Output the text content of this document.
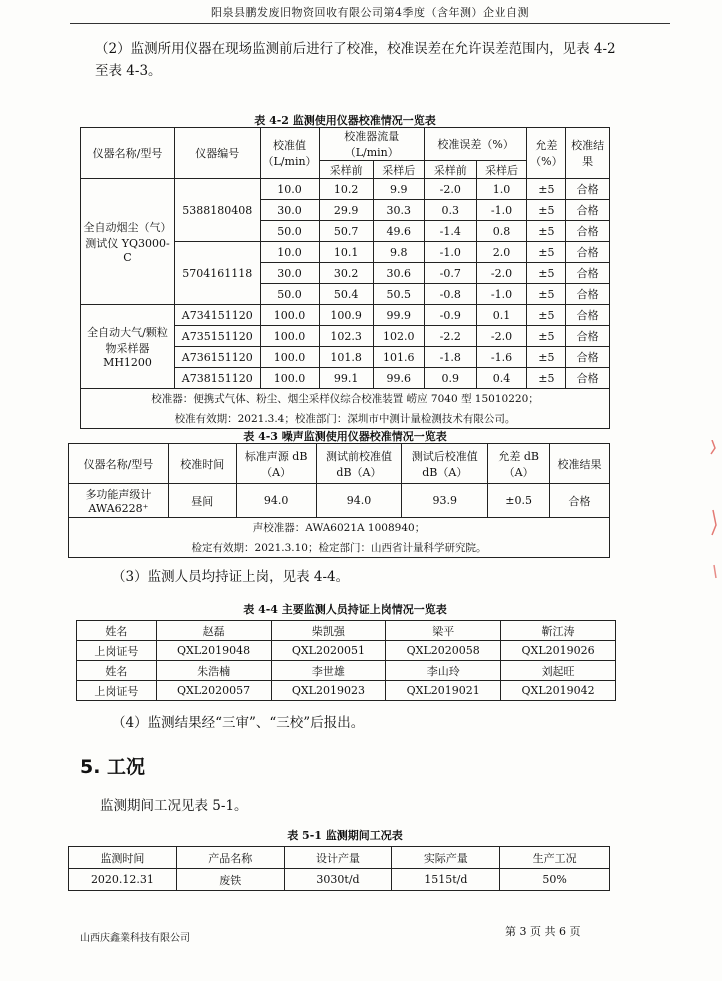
阳泉县鹏发废旧物资回收有限公司第4季度（含年测）企业自测
（2）监测所用仪器在现场监测前后进行了校准，校准误差在允许误差范围内，见表 4-2 至表 4-3。
表 4-2 监测使用仪器校准情况一览表
仪器名称/型号	仪器编号	校准值（L/min）	校准器流量（L/min）		校准误差（%）		允差（%）	校准结果
			采样前	采样后	采样前	采样后		
全自动烟尘（气）测试仪 YQ3000-C	5388180408	10.0	10.2	9.9	-2.0	1.0	±5	合格
		30.0	29.9	30.3	0.3	-1.0	±5	合格
		50.0	50.7	49.6	-1.4	0.8	±5	合格
	5704161118	10.0	10.1	9.8	-1.0	2.0	±5	合格
		30.0	30.2	30.6	-0.7	-2.0	±5	合格
		50.0	50.4	50.5	-0.8	-1.0	±5	合格
全自动大气/颗粒物采样器 MH1200	A734151120	100.0	100.9	99.9	-0.9	0.1	±5	合格
	A735151120	100.0	102.3	102.0	-2.2	-2.0	±5	合格
	A736151120	100.0	101.8	101.6	-1.8	-1.6	±5	合格
	A738151120	100.0	99.1	99.6	0.9	0.4	±5	合格
校准器：便携式气体、粉尘、烟尘采样仪综合校准装置 崂应 7040 型 15010220；								
校准有效期：2021.3.4；校准部门：深圳市中测计量检测技术有限公司。								
表 4-3 噪声监测使用仪器校准情况一览表
仪器名称/型号	校准时间	标准声源 dB（A）	测试前校准值 dB（A）	测试后校准值 dB（A）	允差 dB（A）	校准结果
多功能声级计 AWA6228⁺	昼间	94.0	94.0	93.9	±0.5	合格
声校准器：AWA6021A 1008940；						
检定有效期：2021.3.10；检定部门：山西省计量科学研究院。						
（3）监测人员均持证上岗，见表 4-4。
表 4-4 主要监测人员持证上岗情况一览表
姓名	赵磊	柴凯强	梁平	靳江涛
上岗证号	QXL2019048	QXL2020051	QXL2020058	QXL2019026
姓名	朱浩楠	李世雄	李山玲	刘起旺
上岗证号	QXL2020057	QXL2019023	QXL2019021	QXL2019042
（4）监测结果经“三审”、“三校”后报出。
5. 工况
监测期间工况见表 5-1。
表 5-1 监测期间工况表
监测时间	产品名称	设计产量	实际产量	生产工况
2020.12.31	废铁	3030t/d	1515t/d	50%
山西庆鑫業科技有限公司
第 3 页 共 6 页
